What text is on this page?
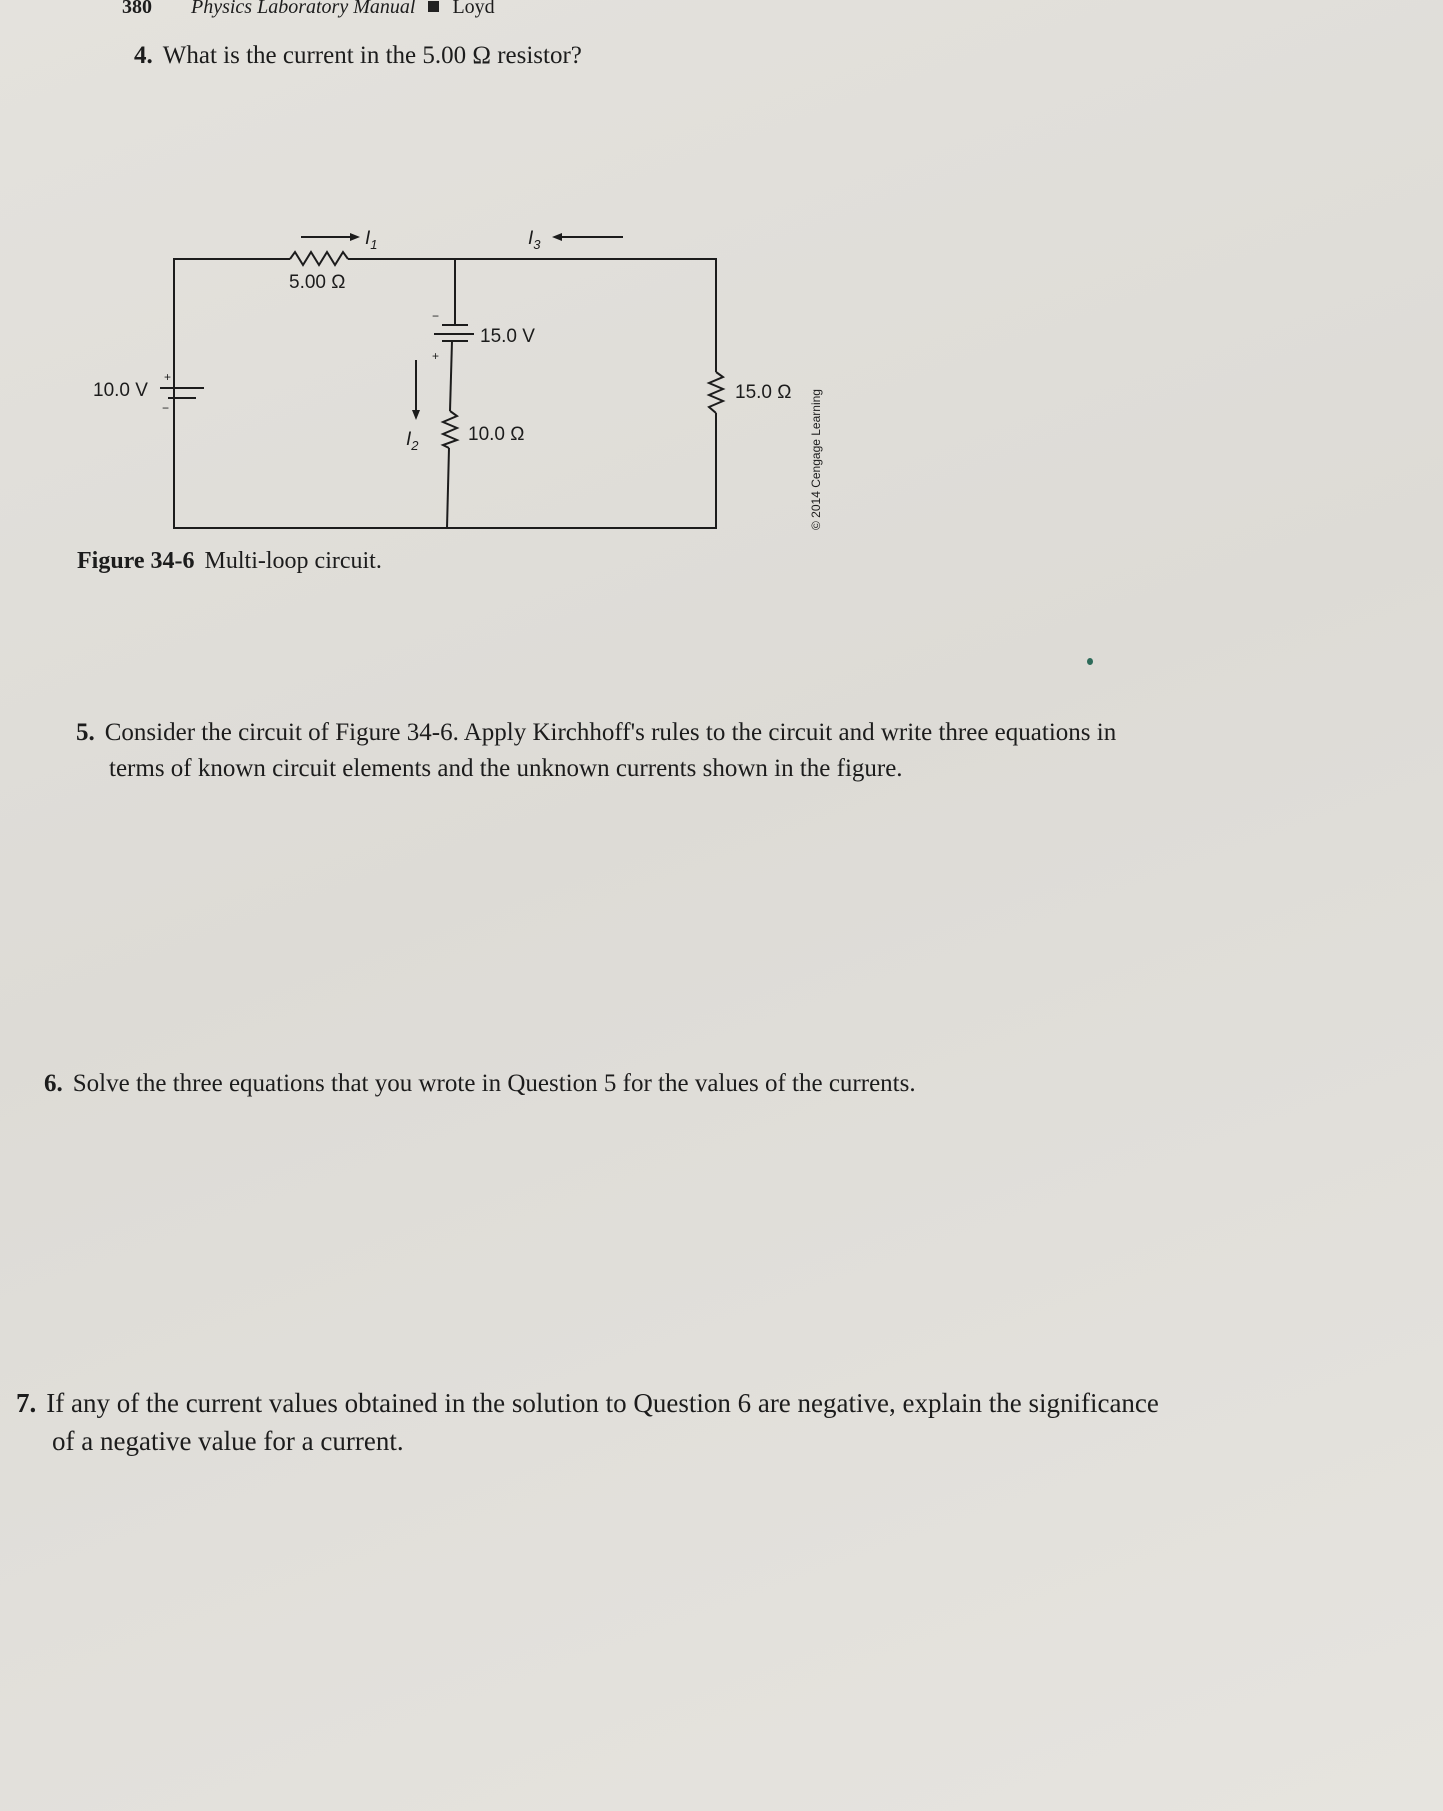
380 Physics Laboratory Manual Loyd
4. What is the current in the 5.00 Ω resistor?
5.00 Ω
15.0 V
10.0 V	15.0 Ω
10.0 Ω
$I_1$	$I_3$
$I_2$
+
−
−
+
© 2014 Cengage Learning
Figure 34-6 Multi-loop circuit.
5. Consider the circuit of Figure 34-6. Apply Kirchhoff's rules to the circuit and write three equations in
terms of known circuit elements and the unknown currents shown in the figure.
6. Solve the three equations that you wrote in Question 5 for the values of the currents.
7. If any of the current values obtained in the solution to Question 6 are negative, explain the significance
of a negative value for a current.
